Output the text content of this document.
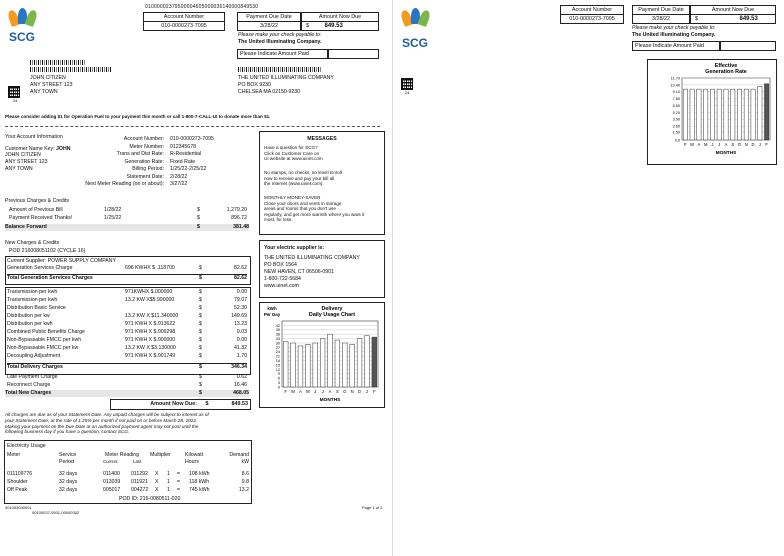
SCG
01000002379500004605000036140000849530
Account Number	Payment Due Date	Amount Now Due
010-0000273-7095	3/28/22	$	849.53
Please make your check payable to:
The United Illuminating Company.
Please Indicate Amount Paid
24
JOHN CITIZEN
ANY STREET 123
ANY TOWN
THE UNITED ILLUMINATING COMPANY
PO BOX 9230
CHELSEA MA 02150-9230
Please consider adding $1 for Operation Fuel to your payment this month or call 1-800-7-CALL-UI to donate more than $1.
Your Account Information
Customer Name Key: JOHN
JOHN CITIZEN
ANY STREET 123
ANY TOWN
Account Number: 010-0000273-7095
Meter Number: 012345678
Trans and Dist Rate: R-Residential
Generation Rate: Fixed Rate
Billing Period: 1/25/22-2/25/22
Statement Date: 2/28/22
Next Meter Reading (on or about): 3/27/22
MESSAGES
Have a question for SCG?
Click on Customer Care on
UI website at www.uinet.com
No stamps, no checks, no level! Enroll
now to receive and pay your bill all
the Internet (www.uinet.com).
MONTHLY MONEY-SAVER
Close your doors and vents in storage
areas and rooms that you don't use
regularly, and get more warmth where you want it
most, for less.
Previous Charges & Credits
Amount of Previous Bill	1/28/22	$	1,279.20
Payment Received Thanks!	1/25/22	$	896.72
Balance Forward	$	381.48
New Charges & Credits
POD 216008051102 (CYCLE 16)
Current Supplier: POWER SUPPLY COMPANY
Generation Services Charge	696 KWHX $ .118700	$	82.62
Total Generation Services Charges	$	82.62
Transmission per kwh	971KWHX $.000000	$	0.00
Transmission per kwh	13.2 KW X$5.990000	$	79.07
Distribution Basic Service	$	52.30
Distribution per kw	13.2 KW X $11.340000	$	149.69
Distribution per kwh	971 KWH X $.013622	$	13.23
Combined Public Benefits Charge	971 KWH X $.009298	$	9.03
Non-Bypassable FMCC per kwh	971 KWH X $.000000	$	0.00
Non-Bypassable FMCC per kw	13.2 KW X $3.130000	$	41.32
Decoupling Adjustment	971 KWH X $.001749	$	1.70
Total Delivery Charges	$	346.34
Late Payment Charge	$	0.62
Reconnect Charge	$	16.46
Total New Charges	$	468.05
Your electric supplier is:
THE UNITED ILLUMINATING COMPANY
PO BOX 1564
NEW HAVEN, CT 06506-0901
1-800-722-5684
www.uinet.com
Delivery
Daily Usage Chart
kWh
Per Day
0
3
6
9
12
15
18
21
24
27
30
33
36
39
42
F M A M J J A S O N D J F
MONTHS
Amount Now Due:	$	849.53
All charges are due as of your Statement Date. Any unpaid charges will be subject to interest as of
your Statement Date, at the rate of 1.25% per month if not paid on or before March 28, 2022.
Making your payment on the Due Date at an authorized payment agent may not post until the
following business day if you have a question, contact SCG.
Electricity Usage
Meter	Service Period
Meter Reading
Current	Last
Multiplier	Kilowatt Hours
Demand kW
011109776	32 days	011400 011292 X 1 = 108 kWh	8.6
Shoulder	32 days	013039 011921 X 1 = 118 kWh	9.8
Off Peak	32 days	005017 004272 X 1 = 745 kWh	13.2
POD ID: 216-0080511-020
001003040001
00100037-0501-00000302
Page 1 of 2
SCG
Account Number	Payment Due Date	Amount Now Due
010-0000273-7095	3/28/22	$	849.53
Please make your check payable to:
The United Illuminating Company.
Please Indicate Amount Paid
24
Effective
Generation Rate
0.0
1.50
2.60
3.90
5.20
6.50
7.80
9.10
10.40
11.70
F M A M J J A S O N D J F
MONTHS
